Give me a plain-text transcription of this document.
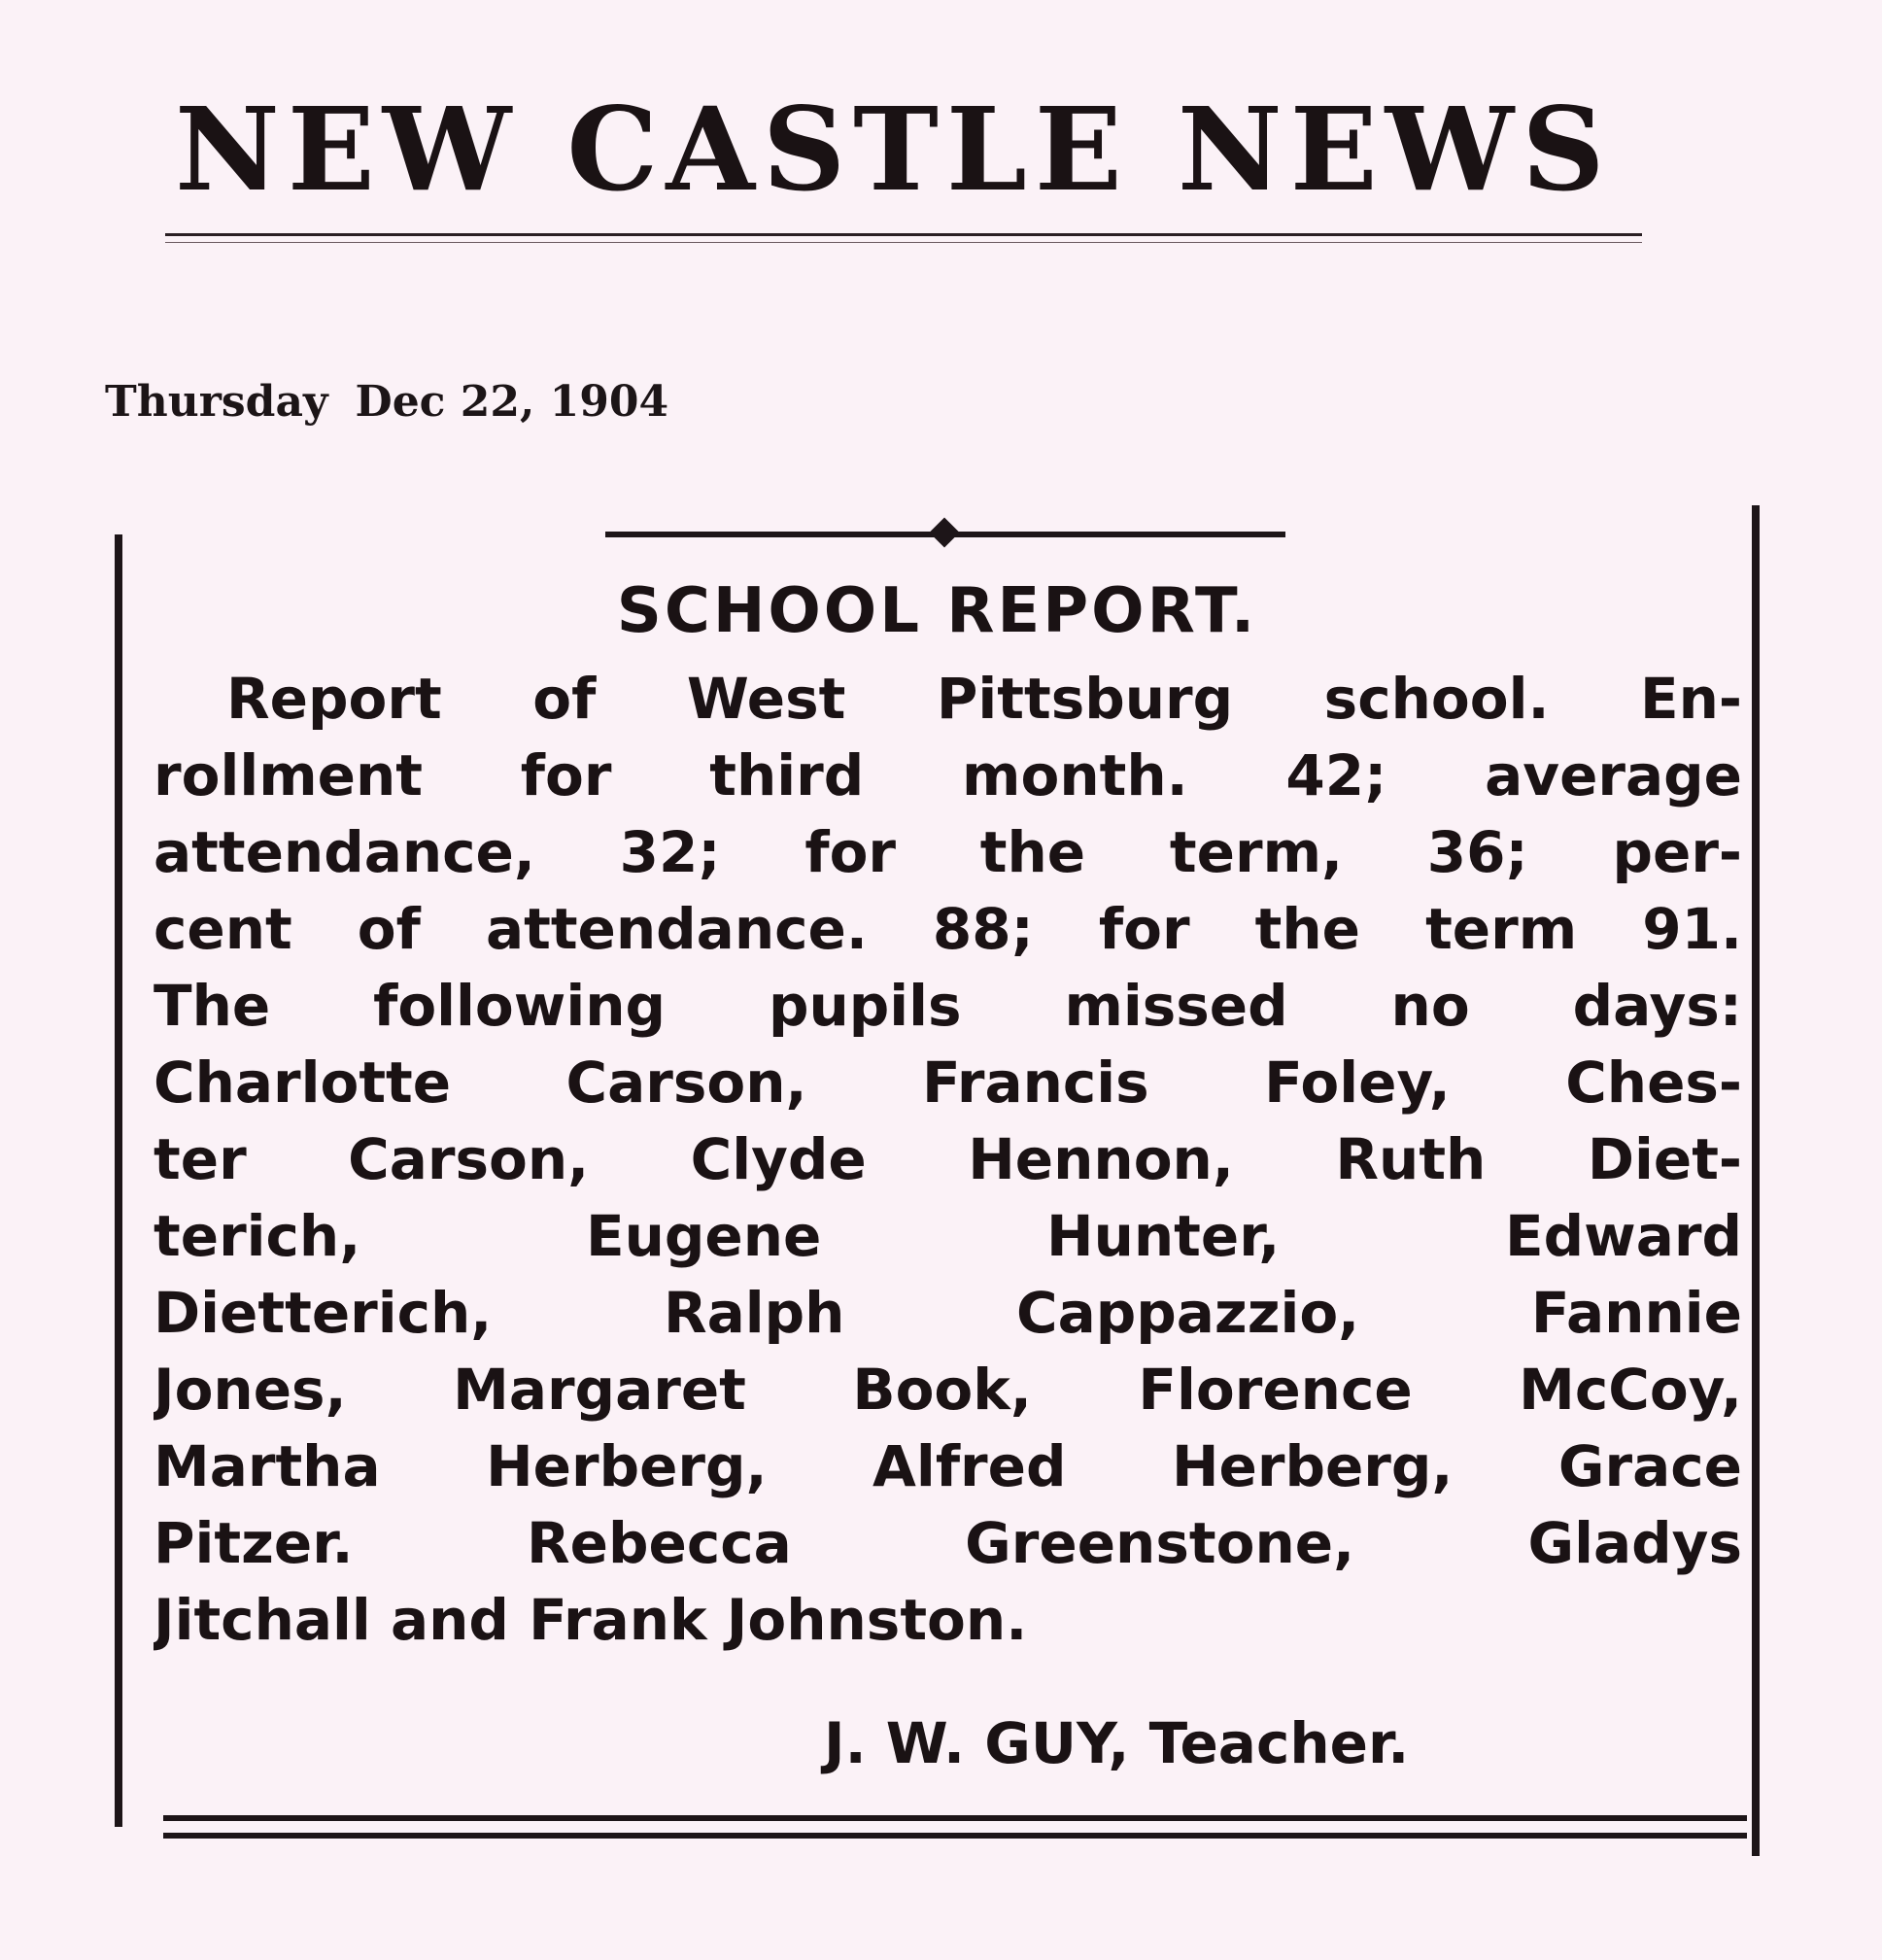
NEW CASTLE NEWS
Thursday Dec 22, 1904
SCHOOL REPORT.
Report of West Pittsburg school. En-
rollment for third month. 42; average
attendance, 32; for the term, 36; per-
cent of attendance. 88; for the term 91.
The following pupils missed no days:
Charlotte Carson, Francis Foley, Ches-
ter Carson, Clyde Hennon, Ruth Diet-
terich, Eugene Hunter, Edward
Dietterich, Ralph Cappazzio, Fannie
Jones, Margaret Book, Florence McCoy,
Martha Herberg, Alfred Herberg, Grace
Pitzer. Rebecca Greenstone, Gladys
Jitchall and Frank Johnston.
J. W. GUY, Teacher.
